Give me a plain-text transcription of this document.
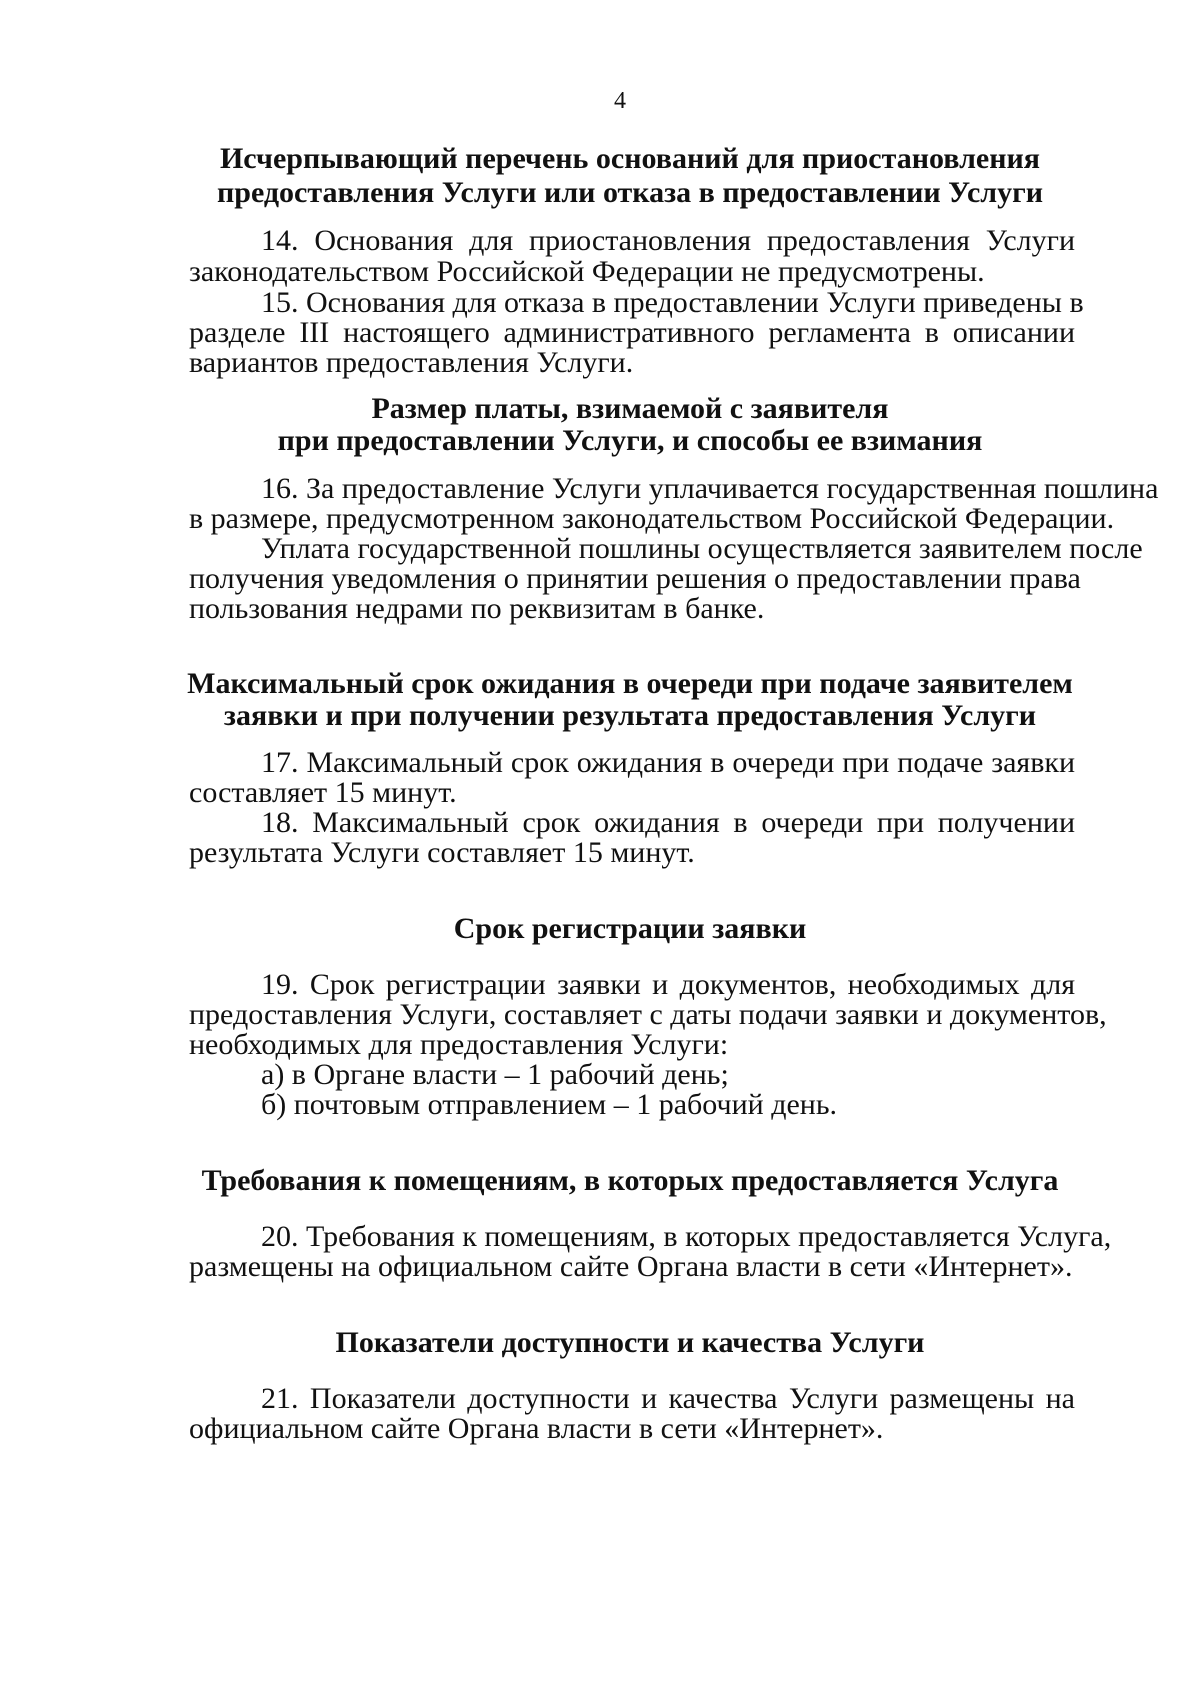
4
Исчерпывающий перечень оснований для приостановления
предоставления Услуги или отказа в предоставлении Услуги
14. Основания для приостановления предоставления Услуги
законодательством Российской Федерации не предусмотрены.
15. Основания для отказа в предоставлении Услуги приведены в
разделе III настоящего административного регламента в описании
вариантов предоставления Услуги.
Размер платы, взимаемой с заявителя
при предоставлении Услуги, и способы ее взимания
16. За предоставление Услуги уплачивается государственная пошлина
в размере, предусмотренном законодательством Российской Федерации.
Уплата государственной пошлины осуществляется заявителем после
получения уведомления о принятии решения о предоставлении права
пользования недрами по реквизитам в банке.
Максимальный срок ожидания в очереди при подаче заявителем
заявки и при получении результата предоставления Услуги
17. Максимальный срок ожидания в очереди при подаче заявки
составляет 15 минут.
18. Максимальный срок ожидания в очереди при получении
результата Услуги составляет 15 минут.
Срок регистрации заявки
19. Срок регистрации заявки и документов, необходимых для
предоставления Услуги, составляет с даты подачи заявки и документов,
необходимых для предоставления Услуги:
а) в Органе власти – 1 рабочий день;
б) почтовым отправлением – 1 рабочий день.
Требования к помещениям, в которых предоставляется Услуга
20. Требования к помещениям, в которых предоставляется Услуга,
размещены на официальном сайте Органа власти в сети «Интернет».
Показатели доступности и качества Услуги
21. Показатели доступности и качества Услуги размещены на
официальном сайте Органа власти в сети «Интернет».
